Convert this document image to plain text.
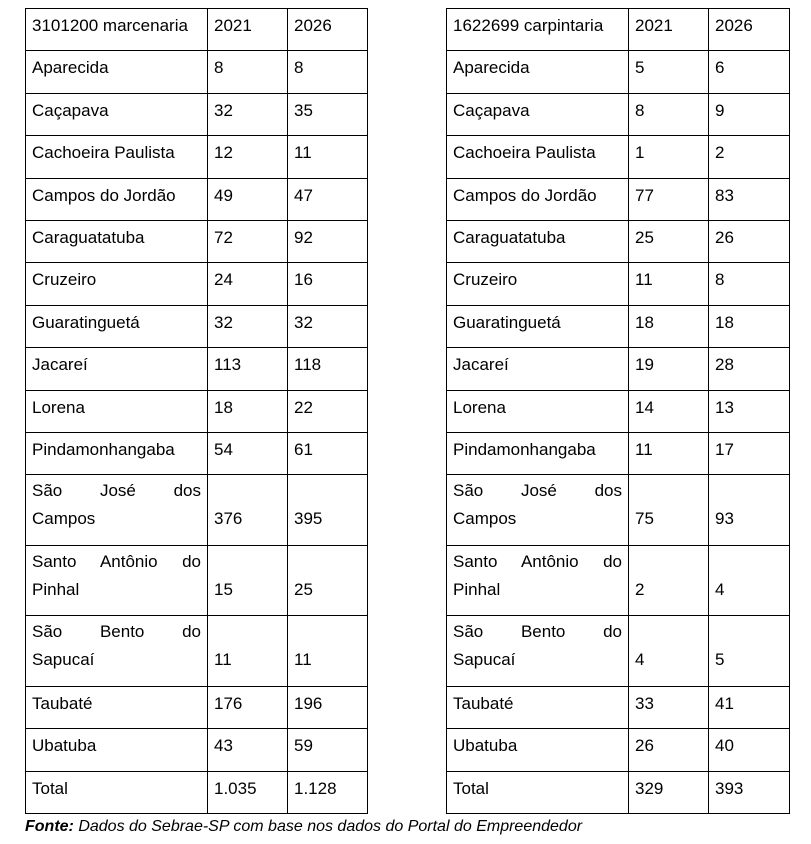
3101200 marcenaria	2021	2026
Aparecida	8	8
Caçapava	32	35
Cachoeira Paulista	12	11
Campos do Jordão	49	47
Caraguatatuba	72	92
Cruzeiro	24	16
Guaratinguetá	32	32
Jacareí	113	118
Lorena	18	22
Pindamonhangaba	54	61
São José dos Campos	376	395
Santo Antônio do Pinhal	15	25
São Bento do Sapucaí	11	11
Taubaté	176	196
Ubatuba	43	59
Total	1.035	1.128
1622699 carpintaria	2021	2026
Aparecida	5	6
Caçapava	8	9
Cachoeira Paulista	1	2
Campos do Jordão	77	83
Caraguatatuba	25	26
Cruzeiro	11	8
Guaratinguetá	18	18
Jacareí	19	28
Lorena	14	13
Pindamonhangaba	11	17
São José dos Campos	75	93
Santo Antônio do Pinhal	2	4
São Bento do Sapucaí	4	5
Taubaté	33	41
Ubatuba	26	40
Total	329	393
Fonte: Dados do Sebrae-SP com base nos dados do Portal do Empreendedor
